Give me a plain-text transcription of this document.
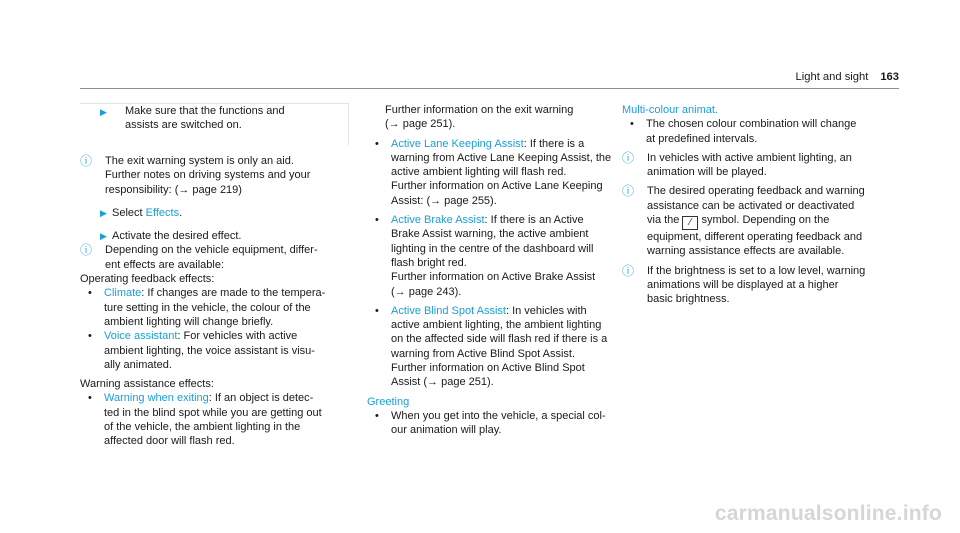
Light and sight 163
▶	Make sure that the functions and

assists are switched on.

ⓘ The exit warning system is only an aid.

Further notes on driving systems and your

responsibility: (→ page 219)

▶ Select Effects.

▶ Activate the desired effect.

ⓘ Depending on the vehicle equipment, differ-

ent effects are available:

Operating feedback effects:

• Climate: If changes are made to the tempera-

ture setting in the vehicle, the colour of the

ambient lighting will change briefly.

• Voice assistant: For vehicles with active

ambient lighting, the voice assistant is visu-

ally animated.

Warning assistance effects:

• Warning when exiting: If an object is detec-

ted in the blind spot while you are getting out

of the vehicle, the ambient lighting in the

affected door will flash red.

Further information on the exit warning

(→ page 251).

• Active Lane Keeping Assist: If there is a

warning from Active Lane Keeping Assist, the

active ambient lighting will flash red.

Further information on Active Lane Keeping

Assist: (→ page 255).

• Active Brake Assist: If there is an Active

Brake Assist warning, the active ambient

lighting in the centre of the dashboard will

flash bright red.

Further information on Active Brake Assist

(→ page 243).

• Active Blind Spot Assist: In vehicles with

active ambient lighting, the ambient lighting

on the affected side will flash red if there is a

warning from Active Blind Spot Assist.

Further information on Active Blind Spot

Assist (→ page 251).

Greeting

• When you get into the vehicle, a special col-

our animation will play.

Multi-colour animat.

• The chosen colour combination will change

at predefined intervals.

ⓘ In vehicles with active ambient lighting, an

animation will be played.

ⓘ The desired operating feedback and warning

assistance can be activated or deactivated

via the ⁄ symbol. Depending on the

equipment, different operating feedback and

warning assistance effects are available.

ⓘ If the brightness is set to a low level, warning

animations will be displayed at a higher

basic brightness.

carmanualsonline.info
